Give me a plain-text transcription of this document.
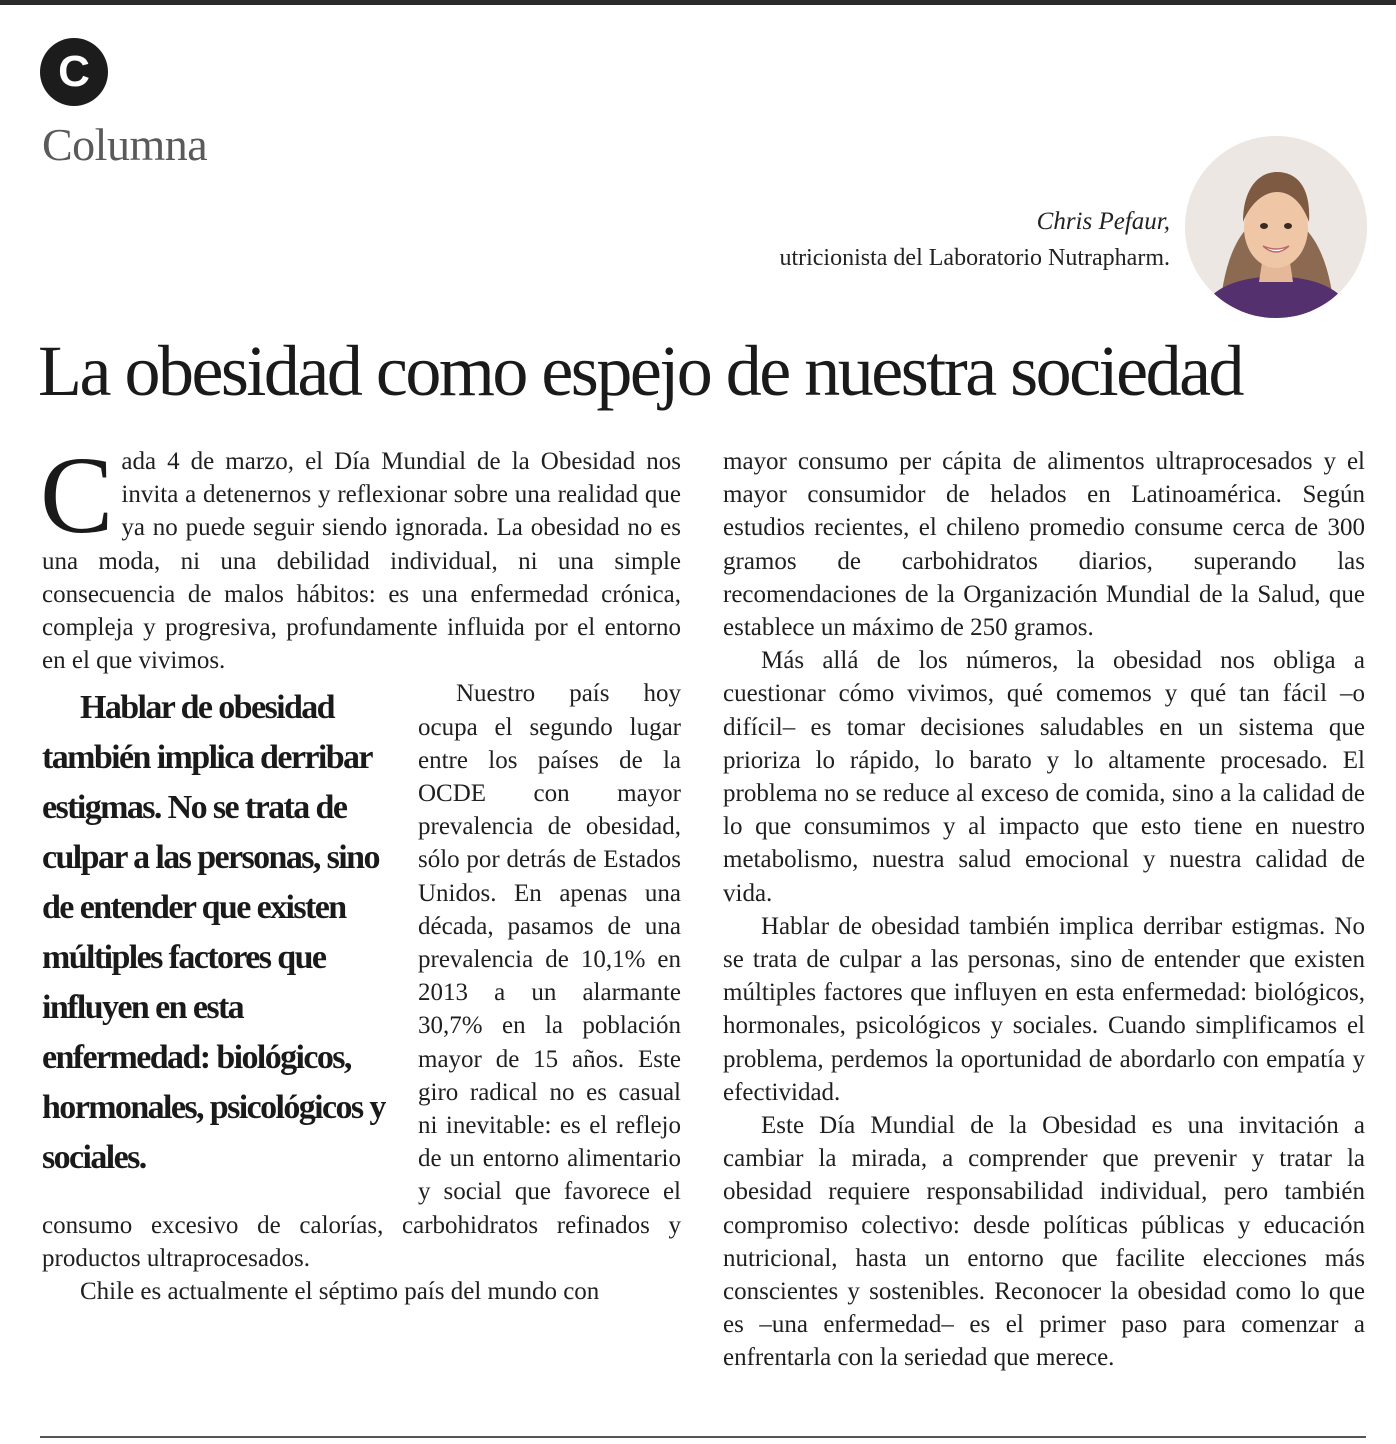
C
Columna
Chris Pefaur,
utricionista del Laboratorio Nutrapharm.
La obesidad como espejo de nuestra sociedad

Cada 4 de marzo, el Día Mundial de la Obesidad nos invita a detenernos y reflexionar sobre una realidad que ya no puede seguir siendo ignorada. La obesidad no es una moda, ni una debilidad individual, ni una simple consecuencia de malos hábitos: es una enfermedad crónica, compleja y progresiva, profundamente influida por el entorno en el que vivimos.

Hablar de obesidad también implica derribar estigmas. No se trata de culpar a las personas, sino de entender que existen múltiples factores que influyen en esta enfermedad: biológicos, hormonales, psicológicos y sociales.
Nuestro país hoy ocupa el segundo lugar entre los países de la OCDE con mayor prevalencia de obesidad, sólo por detrás de Estados Unidos. En apenas una década, pasamos de una prevalencia de 10,1% en 2013 a un alarmante 30,7% en la población mayor de 15 años. Este giro radical no es casual ni inevitable: es el reflejo de un entorno alimentario y social que favorece el consumo excesivo de calorías, carbohidratos refinados y productos ultraprocesados.

Chile es actualmente el séptimo país del mundo con

mayor consumo per cápita de alimentos ultraprocesados y el mayor consumidor de helados en Latinoamérica. Según estudios recientes, el chileno promedio consume cerca de 300 gramos de carbohidratos diarios, superando las recomendaciones de la Organización Mundial de la Salud, que establece un máximo de 250 gramos.

Más allá de los números, la obesidad nos obliga a cuestionar cómo vivimos, qué comemos y qué tan fácil –o difícil– es tomar decisiones saludables en un sistema que prioriza lo rápido, lo barato y lo altamente procesado. El problema no se reduce al exceso de comida, sino a la calidad de lo que consumimos y al impacto que esto tiene en nuestro metabolismo, nuestra salud emocional y nuestra calidad de vida.

Hablar de obesidad también implica derribar estigmas. No se trata de culpar a las personas, sino de entender que existen múltiples factores que influyen en esta enfermedad: biológicos, hormonales, psicológicos y sociales. Cuando simplificamos el problema, perdemos la oportunidad de abordarlo con empatía y efectividad.

Este Día Mundial de la Obesidad es una invitación a cambiar la mirada, a comprender que prevenir y tratar la obesidad requiere responsabilidad individual, pero también compromiso colectivo: desde políticas públicas y educación nutricional, hasta un entorno que facilite elecciones más conscientes y sostenibles. Reconocer la obesidad como lo que es –una enfermedad– es el primer paso para comenzar a enfrentarla con la seriedad que merece.
